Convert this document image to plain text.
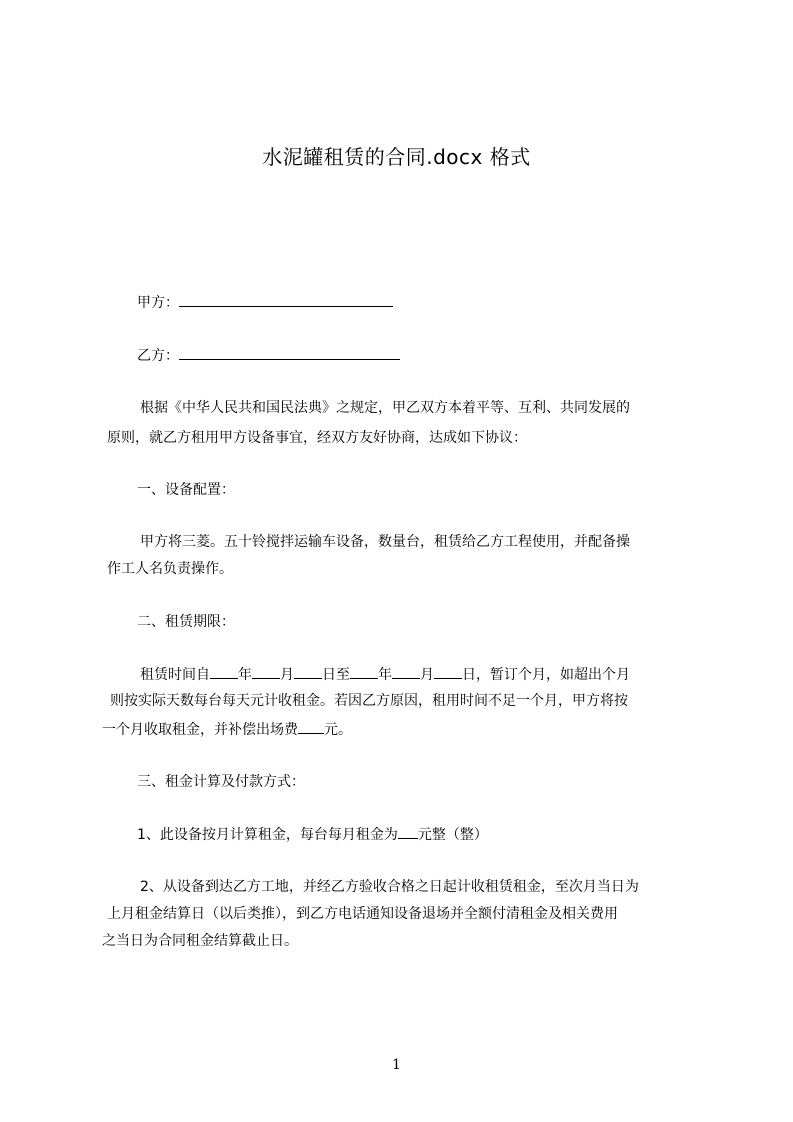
水泥罐租赁的合同.docx 格式
甲方：
乙方：
根据《中华人民共和国民法典》之规定，甲乙双方本着平等、互利、共同发展的
原则，就乙方租用甲方设备事宜，经双方友好协商，达成如下协议：
一、设备配置：
甲方将三菱。五十铃搅拌运输车设备，数量台，租赁给乙方工程使用，并配备操
作工人名负责操作。
二、租赁期限：
租赁时间自 年 月 日至 年 月 日，暂订个月，如超出个月
则按实际天数每台每天元计收租金。若因乙方原因，租用时间不足一个月，甲方将按
一个月收取租金，并补偿出场费 元。
三、租金计算及付款方式：
1、此设备按月计算租金，每台每月租金为 元整（整）
2、从设备到达乙方工地，并经乙方验收合格之日起计收租赁租金，至次月当日为
上月租金结算日（以后类推），到乙方电话通知设备退场并全额付清租金及相关费用
之当日为合同租金结算截止日。
1
